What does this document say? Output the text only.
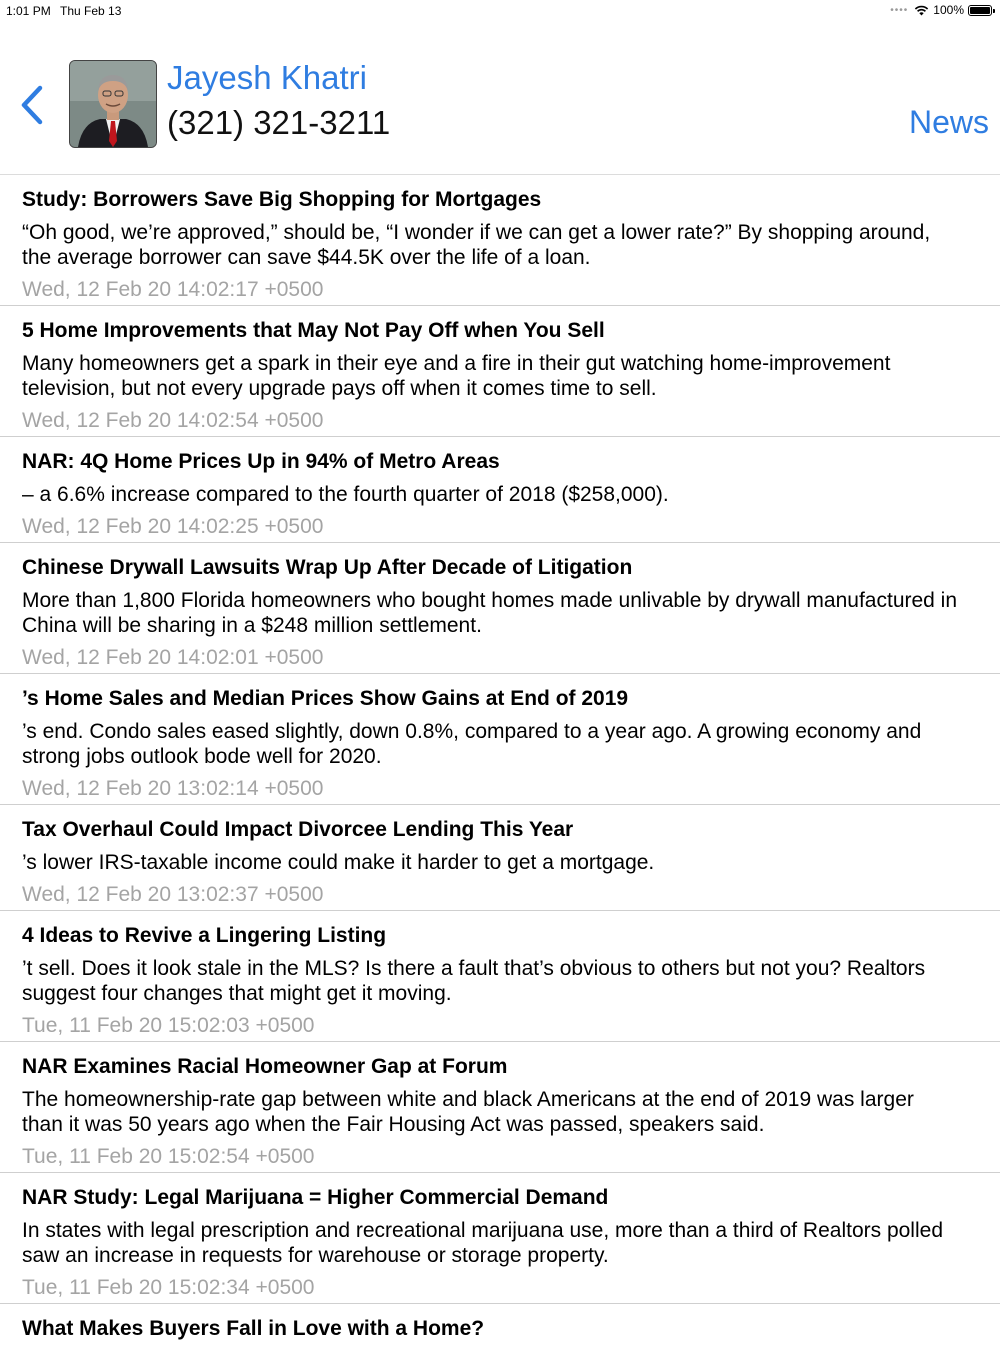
1:01 PM Thu Feb 13	•••• 100%
Jayesh Khatri
(321) 321-3211	News
Study: Borrowers Save Big Shopping for Mortgages
“Oh good, we’re approved,” should be, “I wonder if we can get a lower rate?” By shopping around, the average borrower can save $44.5K over the life of a loan.
Wed, 12 Feb 20 14:02:17 +0500
5 Home Improvements that May Not Pay Off when You Sell
Many homeowners get a spark in their eye and a fire in their gut watching home-improvement television, but not every upgrade pays off when it comes time to sell.
Wed, 12 Feb 20 14:02:54 +0500
NAR: 4Q Home Prices Up in 94% of Metro Areas
– a 6.6% increase compared to the fourth quarter of 2018 ($258,000).
Wed, 12 Feb 20 14:02:25 +0500
Chinese Drywall Lawsuits Wrap Up After Decade of Litigation
More than 1,800 Florida homeowners who bought homes made unlivable by drywall manufactured in China will be sharing in a $248 million settlement.
Wed, 12 Feb 20 14:02:01 +0500
’s Home Sales and Median Prices Show Gains at End of 2019
’s end. Condo sales eased slightly, down 0.8%, compared to a year ago. A growing economy and strong jobs outlook bode well for 2020.
Wed, 12 Feb 20 13:02:14 +0500
Tax Overhaul Could Impact Divorcee Lending This Year
’s lower IRS-taxable income could make it harder to get a mortgage.
Wed, 12 Feb 20 13:02:37 +0500
4 Ideas to Revive a Lingering Listing
’t sell. Does it look stale in the MLS? Is there a fault that’s obvious to others but not you? Realtors suggest four changes that might get it moving.
Tue, 11 Feb 20 15:02:03 +0500
NAR Examines Racial Homeowner Gap at Forum
The homeownership-rate gap between white and black Americans at the end of 2019 was larger than it was 50 years ago when the Fair Housing Act was passed, speakers said.
Tue, 11 Feb 20 15:02:54 +0500
NAR Study: Legal Marijuana = Higher Commercial Demand
In states with legal prescription and recreational marijuana use, more than a third of Realtors polled saw an increase in requests for warehouse or storage property.
Tue, 11 Feb 20 15:02:34 +0500
What Makes Buyers Fall in Love with a Home?
